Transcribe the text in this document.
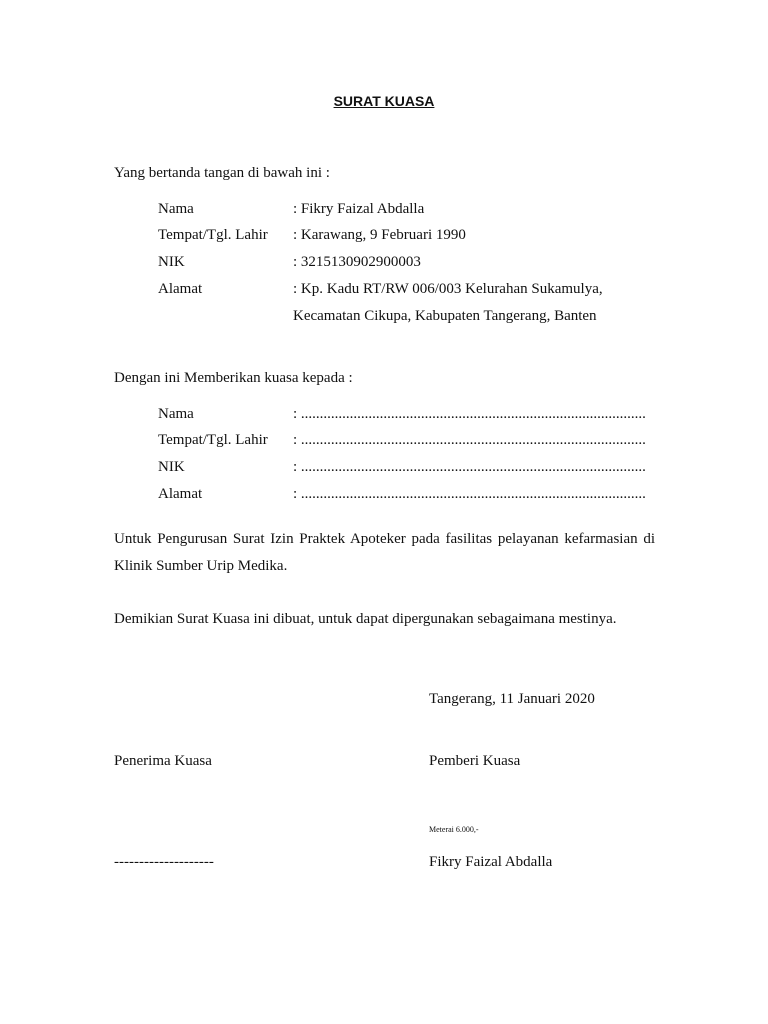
SURAT KUASA
Yang bertanda tangan di bawah ini :
Nama	: Fikry Faizal Abdalla
Tempat/Tgl. Lahir : Karawang, 9 Februari 1990
NIK	: 3215130902900003
Alamat	: Kp. Kadu RT/RW 006/003 Kelurahan Sukamulya,
Kecamatan Cikupa, Kabupaten Tangerang, Banten
Dengan ini Memberikan kuasa kepada :
Nama	: ............................................................................................
Tempat/Tgl. Lahir : ............................................................................................
NIK	: ............................................................................................
Alamat	: ............................................................................................
Untuk Pengurusan Surat Izin Praktek Apoteker pada fasilitas pelayanan kefarmasian di
Klinik Sumber Urip Medika.
Demikian Surat Kuasa ini dibuat, untuk dapat dipergunakan sebagaimana mestinya.
Tangerang, 11 Januari 2020
Penerima Kuasa	Pemberi Kuasa
Meterai 6.000,-
--------------------	Fikry Faizal Abdalla
